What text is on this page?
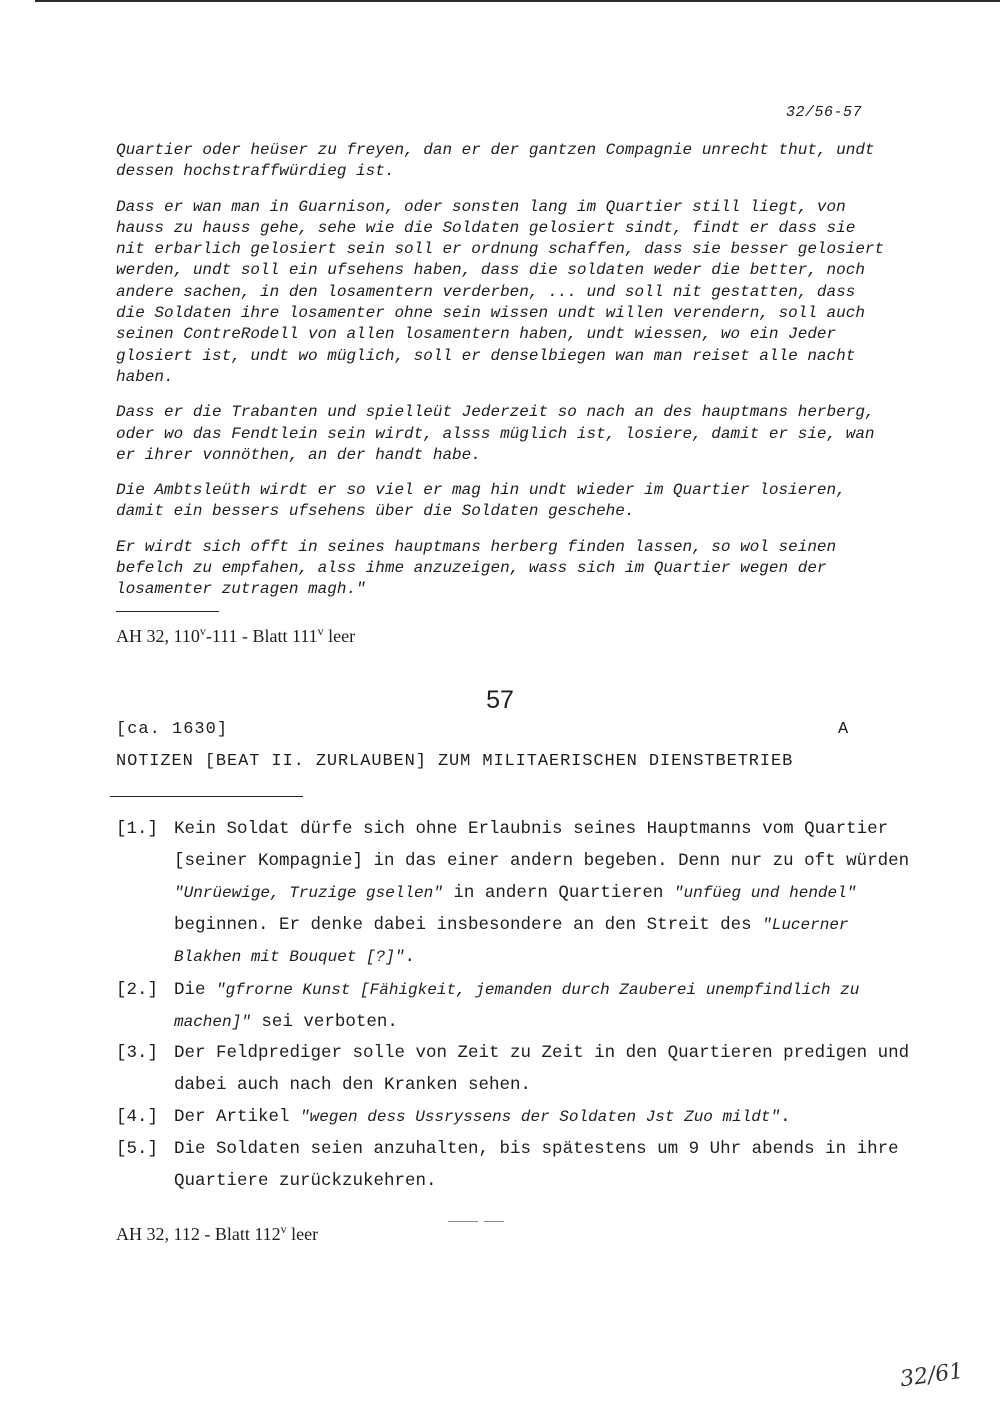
32/56-57

Quartier oder heüser zu freyen, dan er der gantzen Compagnie unrecht thut, undt dessen hochstraffwürdieg ist.

Dass er wan man in Guarnison, oder sonsten lang im Quartier still liegt, von hauss zu hauss gehe, sehe wie die Soldaten gelosiert sindt, findt er dass sie nit erbarlich gelosiert sein soll er ordnung schaffen, dass sie besser gelosiert werden, undt soll ein ufsehens haben, dass die soldaten weder die better, noch andere sachen, in den losamentern verderben, ... und soll nit gestatten, dass die Soldaten ihre losamenter ohne sein wissen undt willen verendern, soll auch seinen ContreRodell von allen losamentern haben, undt wiessen, wo ein Jeder glosiert ist, undt wo müglich, soll er denselbiegen wan man reiset alle nacht haben.

Dass er die Trabanten und spielleüt Jederzeit so nach an des hauptmans herberg, oder wo das Fendtlein sein wirdt, alsss müglich ist, losiere, damit er sie, wan er ihrer vonnöthen, an der handt habe.

Die Ambtsleüth wirdt er so viel er mag hin undt wieder im Quartier losieren, damit ein bessers ufsehens über die Soldaten geschehe.

Er wirdt sich offt in seines hauptmans herberg finden lassen, so wol seinen befelch zu empfahen, alss ihme anzuzeigen, wass sich im Quartier wegen der losamenter zutragen magh."

AH 32, 110$^v$-111 - Blatt 111$^v$ leer
57
[ca. 1630]	A
NOTIZEN [BEAT II. ZURLAUBEN] ZUM MILITAERISCHEN DIENSTBETRIEB
[1.] Kein Soldat dürfe sich ohne Erlaubnis seines Hauptmanns vom Quartier [seiner Kompagnie] in das einer andern begeben. Denn nur zu oft würden "Unrüewige, Truzige gsellen" in andern Quartieren "unfüeg und hendel" beginnen. Er denke dabei insbesondere an den Streit des "Lucerner Blakhen mit Bouquet [?]".
[2.] Die "gfrorne Kunst [Fähigkeit, jemanden durch Zauberei unempfindlich zu machen]" sei verboten.
[3.] Der Feldprediger solle von Zeit zu Zeit in den Quartieren predigen und dabei auch nach den Kranken sehen.
[4.] Der Artikel "wegen dess Ussryssens der Soldaten Jst Zuo mildt".
[5.] Die Soldaten seien anzuhalten, bis spätestens um 9 Uhr abends in ihre Quartiere zurückzukehren.
AH 32, 112 - Blatt 112$^v$ leer
32/61
